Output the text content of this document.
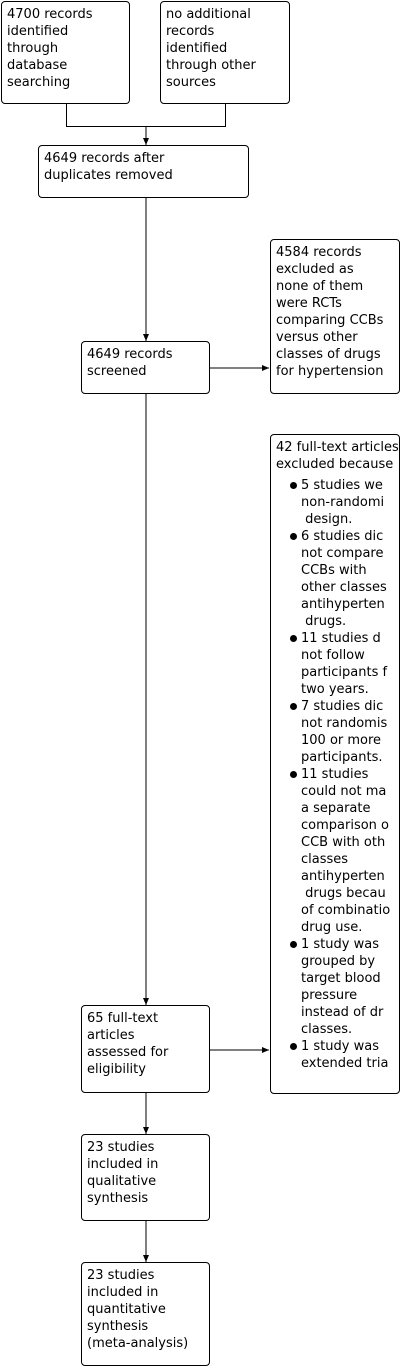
4700 records
identified
through
database
searching
no additional
records
identified
through other
sources
4649 records after
duplicates removed
4584 records
excluded as
none of them
were RCTs
comparing CCBs
versus other
classes of drugs
for hypertension
4649 records
screened
42 full-text articles
excluded because
5 studies we
non-randomi
design.
6 studies dic
not compare
CCBs with
other classes
antihyperten
drugs.
11 studies d
not follow
participants f
two years.
7 studies dic
not randomis
100 or more
participants.
11 studies
could not ma
a separate
comparison o
CCB with oth
classes
antihyperten
drugs becau
of combinatio
drug use.
1 study was
grouped by
target blood
pressure
instead of dr
classes.
1 study was
extended tria
65 full-text
articles
assessed for
eligibility
23 studies
included in
qualitative
synthesis
23 studies
included in
quantitative
synthesis
(meta-analysis)
